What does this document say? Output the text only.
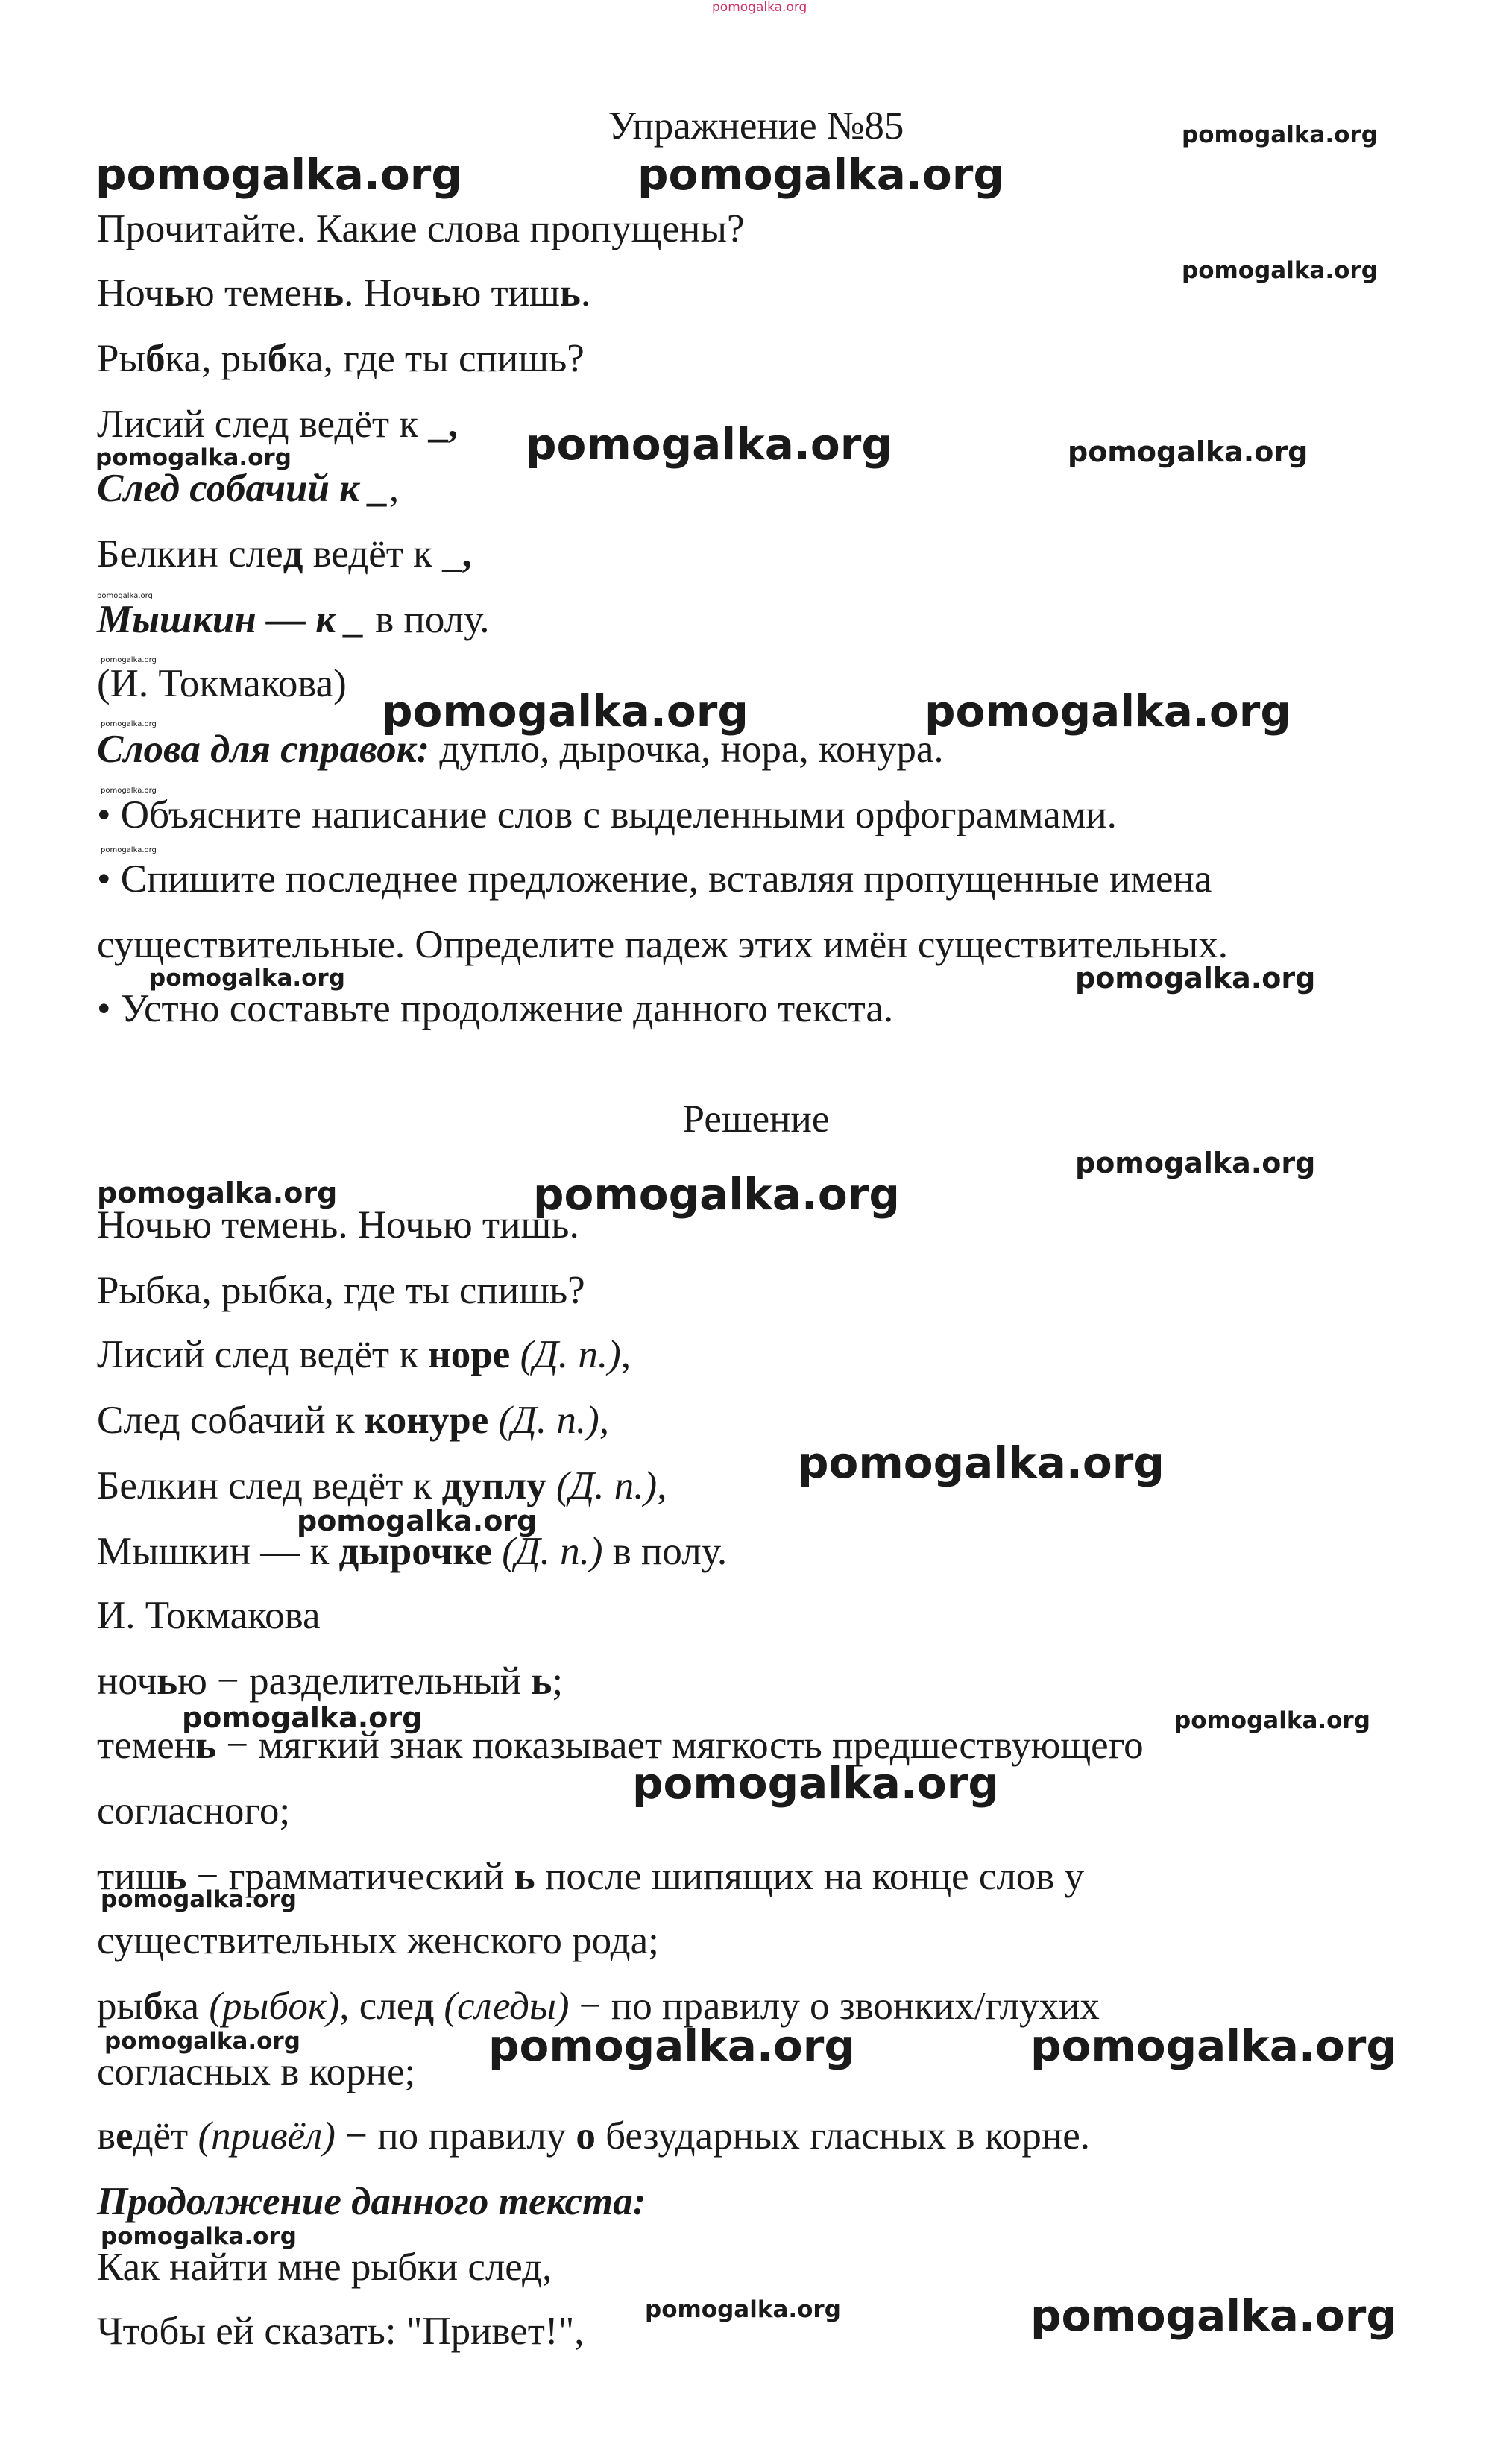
pomogalka.org
Упражнение №85
Прочитайте. Какие слова пропущены?
Ночью темень. Ночью тишь.
Рыбка, рыбка, где ты спишь?
Лисий след ведёт к _,
След собачий к _,
Белкин след ведёт к _,
Мышкин — к _ в полу.
(И. Токмакова)
Слова для справок: дупло, дырочка, нора, конура.
• Объясните написание слов с выделенными орфограммами.
• Спишите последнее предложение, вставляя пропущенные имена
существительные. Определите падеж этих имён существительных.
• Устно составьте продолжение данного текста.
Решение
Ночью темень. Ночью тишь.
Рыбка, рыбка, где ты спишь?
Лисий след ведёт к норе (Д. п.),
След собачий к конуре (Д. п.),
Белкин след ведёт к дуплу (Д. п.),
Мышкин — к дырочке (Д. п.) в полу.
И. Токмакова
ночью − разделительный ь;
темень − мягкий знак показывает мягкость предшествующего
согласного;
тишь − грамматический ь после шипящих на конце слов у
существительных женского рода;
рыбка (рыбок), след (следы) − по правилу о звонких/глухих
согласных в корне;
ведёт (привёл) − по правилу о безударных гласных в корне.
Продолжение данного текста:
Как найти мне рыбки след,
Чтобы ей сказать: "Привет!",
pomogalka.org
pomogalka.org	pomogalka.org
pomogalka.org
pomogalka.org	pomogalka.org
pomogalka.org
pomogalka.org
pomogalka.org
pomogalka.org	pomogalka.org
pomogalka.org
pomogalka.org
pomogalka.org
pomogalka.org	pomogalka.org
pomogalka.org
pomogalka.org	pomogalka.org
pomogalka.org
pomogalka.org
pomogalka.org	pomogalka.org
pomogalka.org
pomogalka.org
pomogalka.org	pomogalka.org	pomogalka.org
pomogalka.org
pomogalka.org	pomogalka.org
